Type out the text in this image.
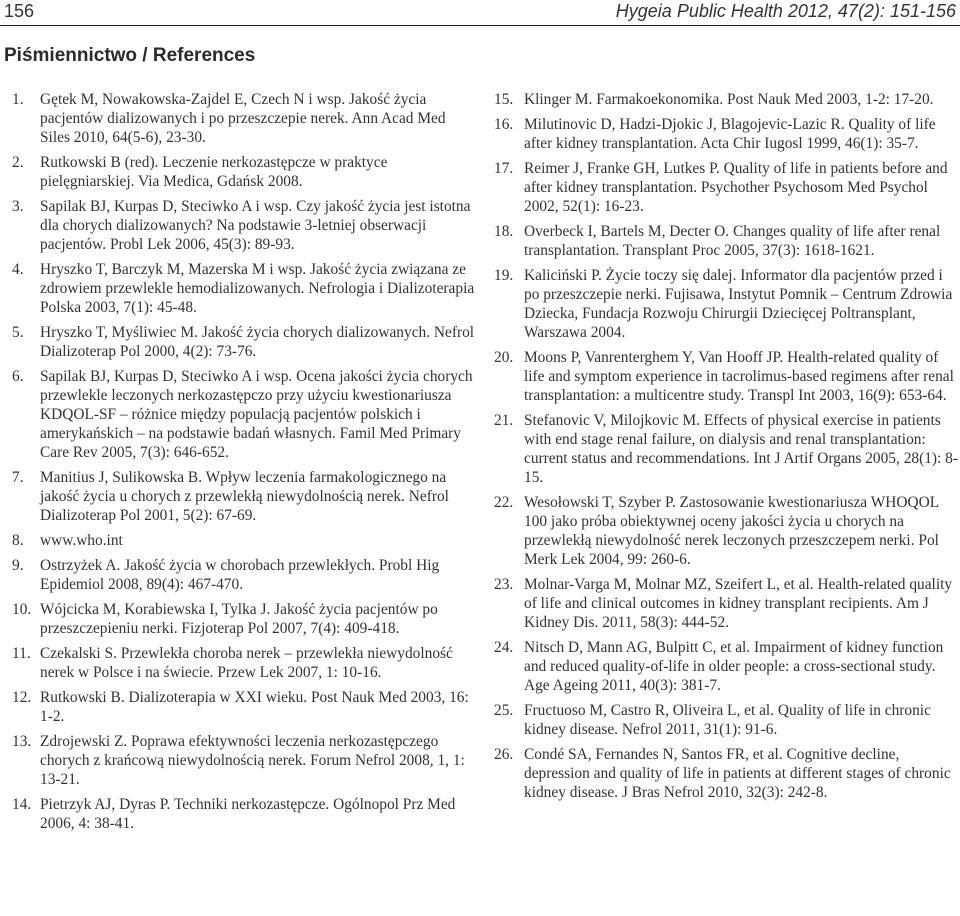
156	Hygeia Public Health 2012, 47(2): 151-156
Piśmiennictwo / References
1. Gętek M, Nowakowska-Zajdel E, Czech N i wsp. Jakość życia pacjentów dializowanych i po przeszczepie nerek. Ann Acad Med Siles 2010, 64(5-6), 23-30.
2. Rutkowski B (red). Leczenie nerkozastępcze w praktyce pielęgniarskiej. Via Medica, Gdańsk 2008.
3. Sapilak BJ, Kurpas D, Steciwko A i wsp. Czy jakość życia jest istotna dla chorych dializowanych? Na podstawie 3-letniej obserwacji pacjentów. Probl Lek 2006, 45(3): 89-93.
4. Hryszko T, Barczyk M, Mazerska M i wsp. Jakość życia związana ze zdrowiem przewlekle hemodializowanych. Nefrologia i Dializoterapia Polska 2003, 7(1): 45-48.
5. Hryszko T, Myśliwiec M. Jakość życia chorych dializowanych. Nefrol Dializoterap Pol 2000, 4(2): 73-76.
6. Sapilak BJ, Kurpas D, Steciwko A i wsp. Ocena jakości życia chorych przewlekle leczonych nerkozastępczo przy użyciu kwestionariusza KDQOL-SF – różnice między populacją pacjentów polskich i amerykańskich – na podstawie badań własnych. Famil Med Primary Care Rev 2005, 7(3): 646-652.
7. Manitius J, Sulikowska B. Wpływ leczenia farmakologicznego na jakość życia u chorych z przewlekłą niewydolnością nerek. Nefrol Dializoterap Pol 2001, 5(2): 67-69.
8. www.who.int
9. Ostrzyżek A. Jakość życia w chorobach przewlekłych. Probl Hig Epidemiol 2008, 89(4): 467-470.
10. Wójcicka M, Korabiewska I, Tylka J. Jakość życia pacjentów po przeszczepieniu nerki. Fizjoterap Pol 2007, 7(4): 409-418.
11. Czekalski S. Przewlekła choroba nerek – przewlekła niewydolność nerek w Polsce i na świecie. Przew Lek 2007, 1: 10-16.
12. Rutkowski B. Dializoterapia w XXI wieku. Post Nauk Med 2003, 16: 1-2.
13. Zdrojewski Z. Poprawa efektywności leczenia nerkozastępczego chorych z krańcową niewydolnością nerek. Forum Nefrol 2008, 1, 1: 13-21.
14. Pietrzyk AJ, Dyras P. Techniki nerkozastępcze. Ogólnopol Prz Med 2006, 4: 38-41.
15. Klinger M. Farmakoekonomika. Post Nauk Med 2003, 1-2: 17-20.
16. Milutinovic D, Hadzi-Djokic J, Blagojevic-Lazic R. Quality of life after kidney transplantation. Acta Chir Iugosl 1999, 46(1): 35-7.
17. Reimer J, Franke GH, Lutkes P. Quality of life in patients before and after kidney transplantation. Psychother Psychosom Med Psychol 2002, 52(1): 16-23.
18. Overbeck I, Bartels M, Decter O. Changes quality of life after renal transplantation. Transplant Proc 2005, 37(3): 1618-1621.
19. Kaliciński P. Życie toczy się dalej. Informator dla pacjentów przed i po przeszczepie nerki. Fujisawa, Instytut Pomnik – Centrum Zdrowia Dziecka, Fundacja Rozwoju Chirurgii Dziecięcej Poltransplant, Warszawa 2004.
20. Moons P, Vanrenterghem Y, Van Hooff JP. Health-related quality of life and symptom experience in tacrolimus-based regimens after renal transplantation: a multicentre study. Transpl Int 2003, 16(9): 653-64.
21. Stefanovic V, Milojkovic M. Effects of physical exercise in patients with end stage renal failure, on dialysis and renal transplantation: current status and recommendations. Int J Artif Organs 2005, 28(1): 8-15.
22. Wesołowski T, Szyber P. Zastosowanie kwestionariusza WHOQOL 100 jako próba obiektywnej oceny jakości życia u chorych na przewlekłą niewydolność nerek leczonych przeszczepem nerki. Pol Merk Lek 2004, 99: 260-6.
23. Molnar-Varga M, Molnar MZ, Szeifert L, et al. Health-related quality of life and clinical outcomes in kidney transplant recipients. Am J Kidney Dis. 2011, 58(3): 444-52.
24. Nitsch D, Mann AG, Bulpitt C, et al. Impairment of kidney function and reduced quality-of-life in older people: a cross-sectional study. Age Ageing 2011, 40(3): 381-7.
25. Fructuoso M, Castro R, Oliveira L, et al. Quality of life in chronic kidney disease. Nefrol 2011, 31(1): 91-6.
26. Condé SA, Fernandes N, Santos FR, et al. Cognitive decline, depression and quality of life in patients at different stages of chronic kidney disease. J Bras Nefrol 2010, 32(3): 242-8.
